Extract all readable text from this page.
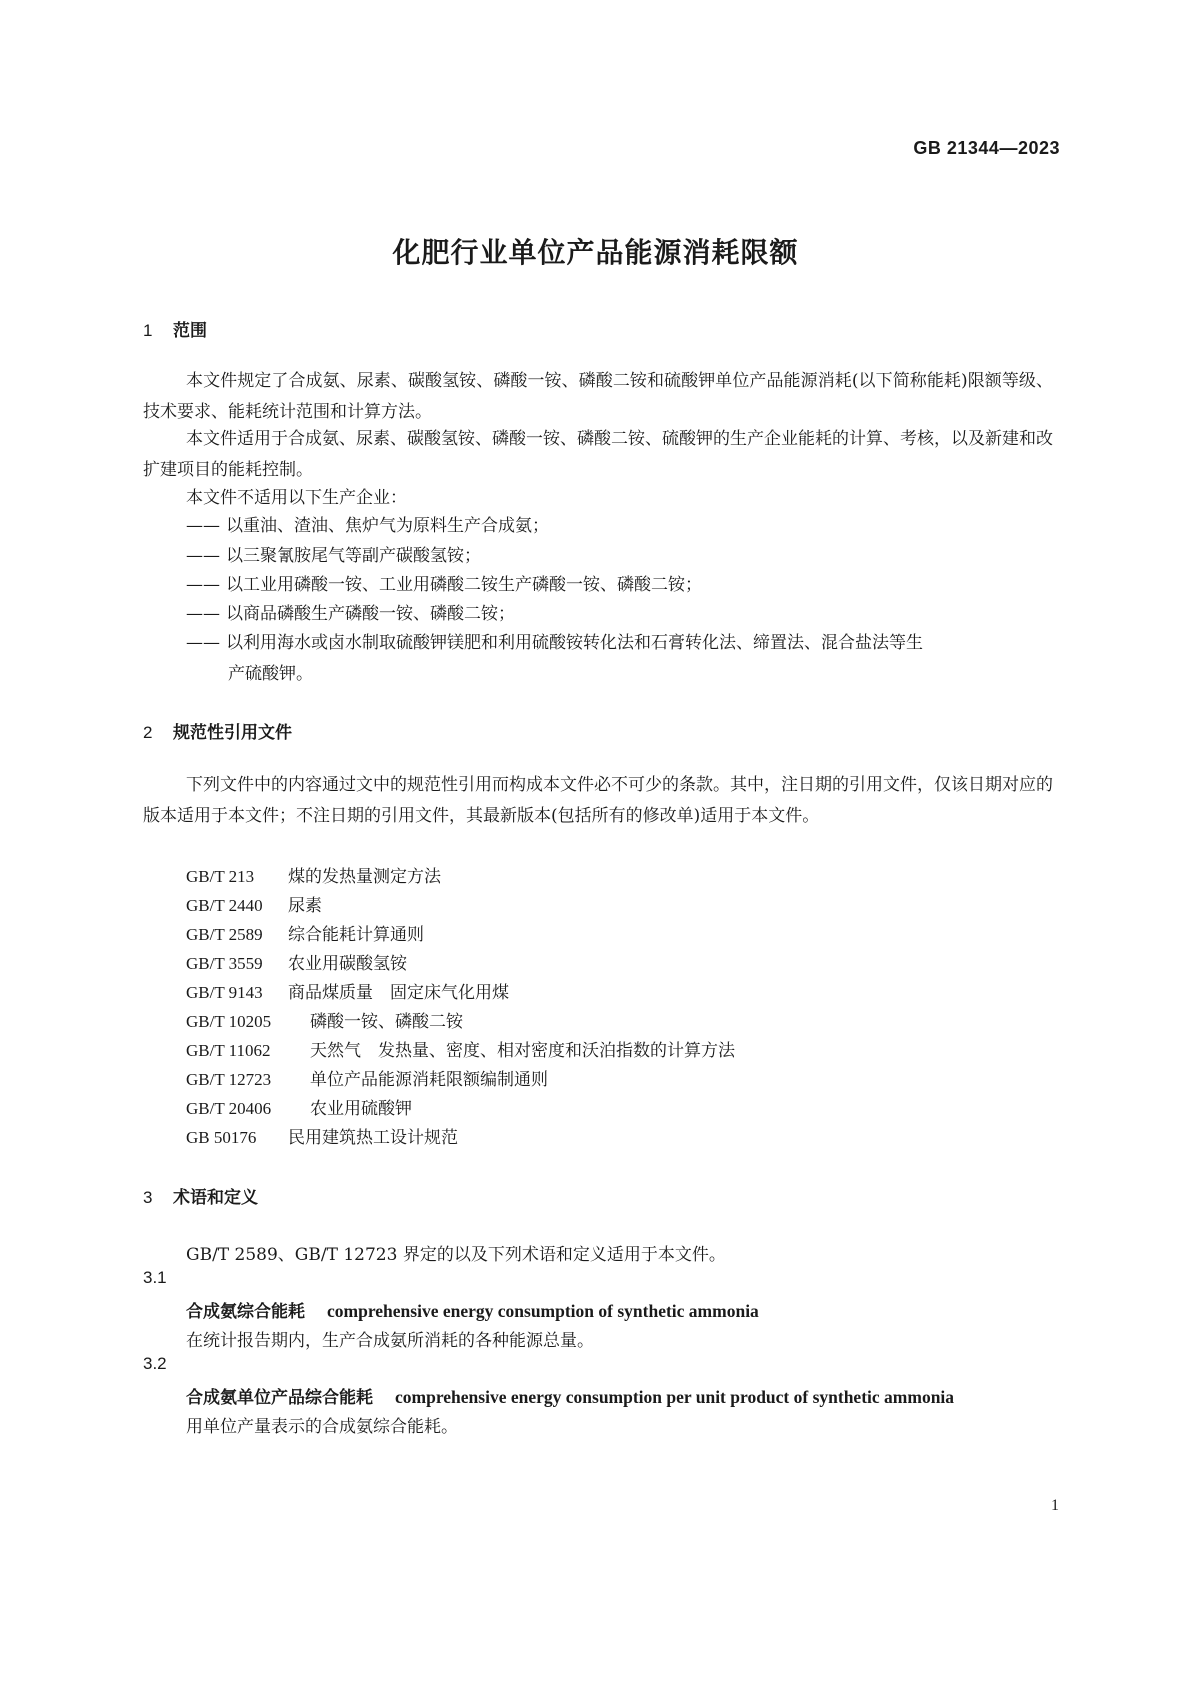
GB 21344—2023
化肥行业单位产品能源消耗限额
1 范围
本文件规定了合成氨、尿素、碳酸氢铵、磷酸一铵、磷酸二铵和硫酸钾单位产品能源消耗(以下简称能耗)限额等级、技术要求、能耗统计范围和计算方法。
本文件适用于合成氨、尿素、碳酸氢铵、磷酸一铵、磷酸二铵、硫酸钾的生产企业能耗的计算、考核，以及新建和改扩建项目的能耗控制。
本文件不适用以下生产企业：
—— 以重油、渣油、焦炉气为原料生产合成氨；
—— 以三聚氰胺尾气等副产碳酸氢铵；
—— 以工业用磷酸一铵、工业用磷酸二铵生产磷酸一铵、磷酸二铵；
—— 以商品磷酸生产磷酸一铵、磷酸二铵；
—— 以利用海水或卤水制取硫酸钾镁肥和利用硫酸铵转化法和石膏转化法、缔置法、混合盐法等生
产硫酸钾。
2 规范性引用文件
下列文件中的内容通过文中的规范性引用而构成本文件必不可少的条款。其中，注日期的引用文件，仅该日期对应的版本适用于本文件；不注日期的引用文件，其最新版本(包括所有的修改单)适用于本文件。
GB/T 213 煤的发热量测定方法
GB/T 2440 尿素
GB/T 2589 综合能耗计算通则
GB/T 3559 农业用碳酸氢铵
GB/T 9143 商品煤质量　固定床气化用煤
GB/T 10205 磷酸一铵、磷酸二铵
GB/T 11062 天然气　发热量、密度、相对密度和沃泊指数的计算方法
GB/T 12723 单位产品能源消耗限额编制通则
GB/T 20406 农业用硫酸钾
GB 50176 民用建筑热工设计规范
3 术语和定义
GB/T 2589、GB/T 12723 界定的以及下列术语和定义适用于本文件。
3.1
合成氨综合能耗 comprehensive energy consumption of synthetic ammonia
在统计报告期内，生产合成氨所消耗的各种能源总量。
3.2
合成氨单位产品综合能耗 comprehensive energy consumption per unit product of synthetic ammonia
用单位产量表示的合成氨综合能耗。
1
